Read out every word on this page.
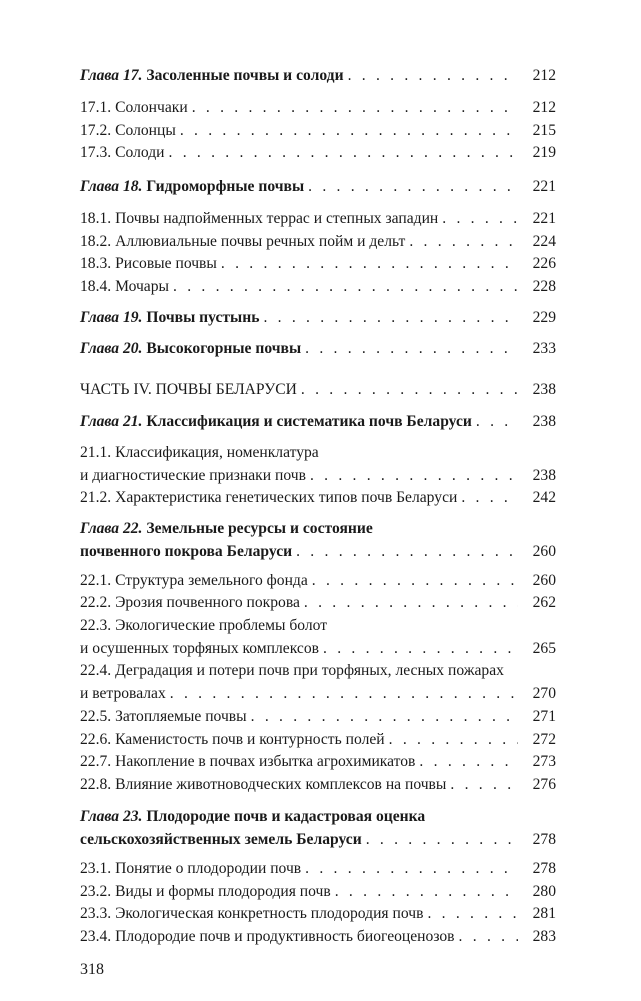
Глава 17. Засоленные почвы и солоди . . .	212
17.1. Солончаки . . .	212
17.2. Солонцы . . .	215
17.3. Солоди . . .	219
Глава 18. Гидроморфные почвы . . .	221
18.1. Почвы надпойменных террас и степных западин . . .	221
18.2. Аллювиальные почвы речных пойм и дельт . . .	224
18.3. Рисовые почвы . . .	226
18.4. Мочары . . .	228
Глава 19. Почвы пустынь . . .	229
Глава 20. Высокогорные почвы . . .	233
ЧАСТЬ IV. ПОЧВЫ БЕЛАРУСИ . . .	238
Глава 21. Классификация и систематика почв Беларуси . . .	238
21.1. Классификация, номенклатура
и диагностические признаки почв . . .	238
21.2. Характеристика генетических типов почв Беларуси . . .	242
Глава 22. Земельные ресурсы и состояние
почвенного покрова Беларуси . . .	260
22.1. Структура земельного фонда . . .	260
22.2. Эрозия почвенного покрова . . .	262
22.3. Экологические проблемы болот
и осушенных торфяных комплексов . . .	265
22.4. Деградация и потери почв при торфяных, лесных пожарах
и ветровалах . . .	270
22.5. Затопляемые почвы . . .	271
22.6. Каменистость почв и контурность полей . . .	272
22.7. Накопление в почвах избытка агрохимикатов . . .	273
22.8. Влияние животноводческих комплексов на почвы . . .	276
Глава 23. Плодородие почв и кадастровая оценка
сельскохозяйственных земель Беларуси . . .	278
23.1. Понятие о плодородии почв . . .	278
23.2. Виды и формы плодородия почв . . .	280
23.3. Экологическая конкретность плодородия почв . . .	281
23.4. Плодородие почв и продуктивность биогеоценозов . . .	283
318
